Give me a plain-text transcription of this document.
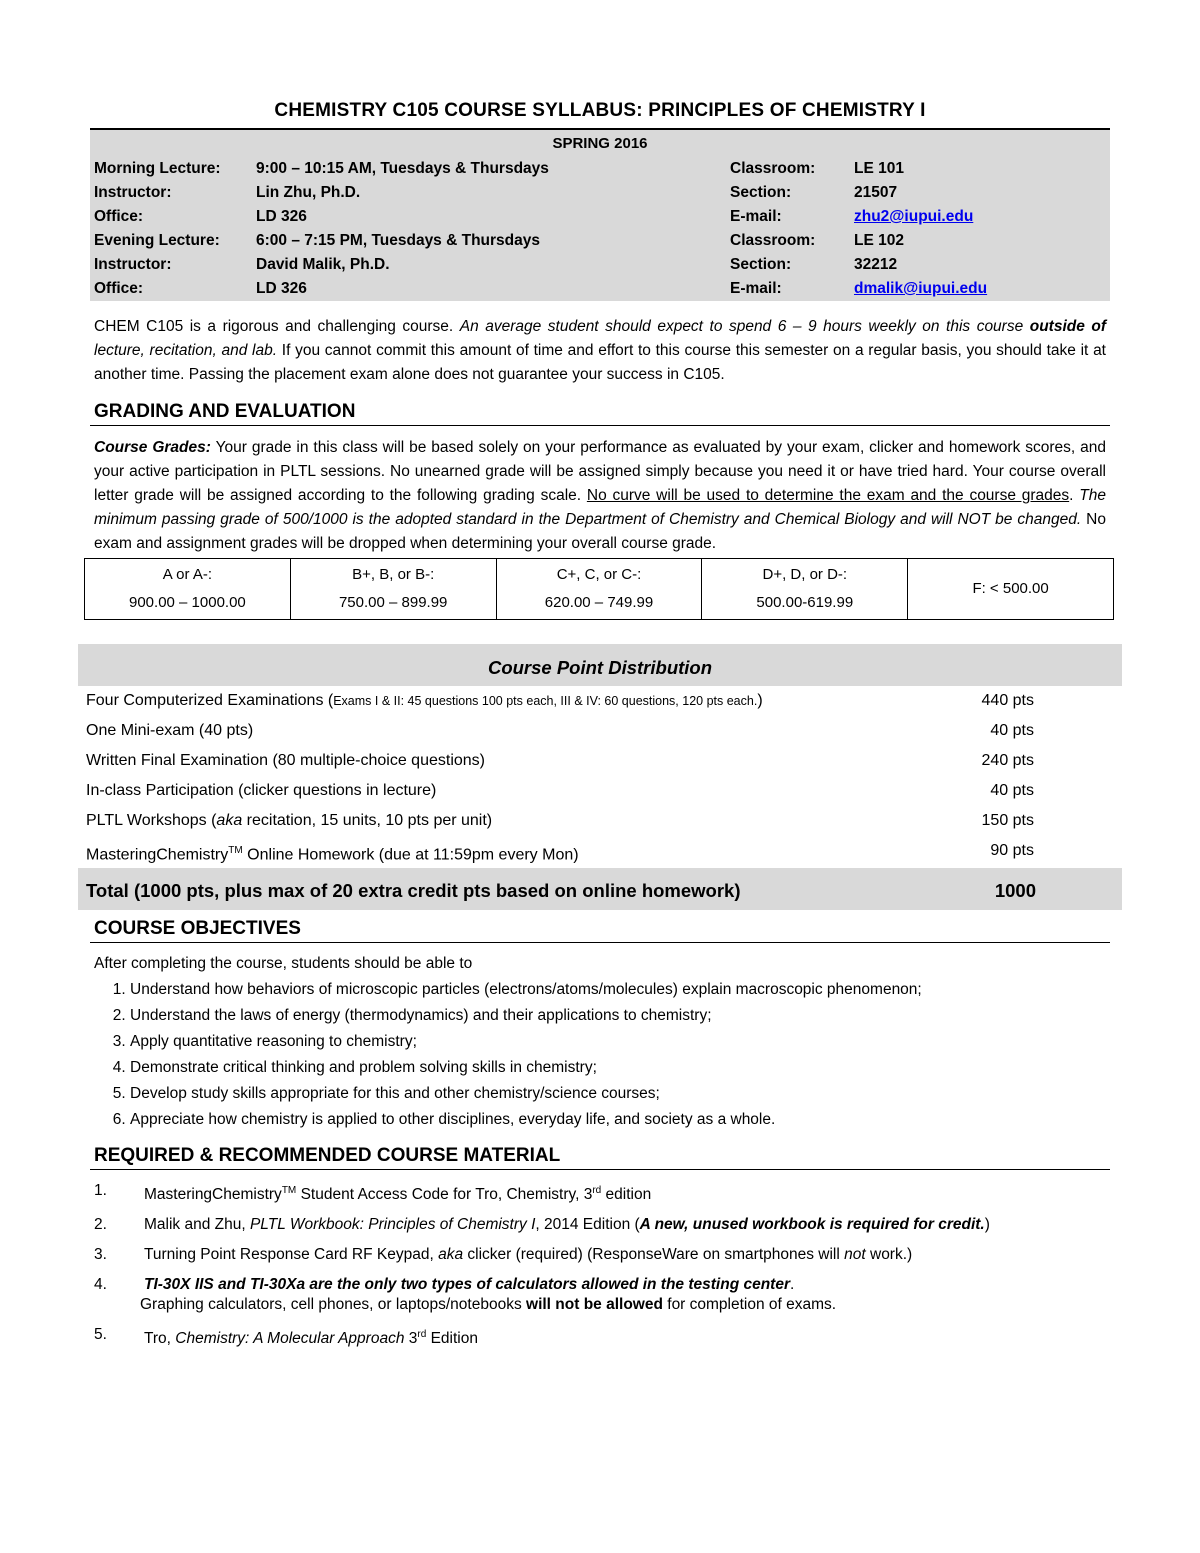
CHEMISTRY C105 COURSE SYLLABUS: PRINCIPLES OF CHEMISTRY I
SPRING 2016
Morning Lecture:	9:00 – 10:15 AM, Tuesdays & Thursdays	Classroom:	LE 101
Instructor:	Lin Zhu, Ph.D.	Section:	21507
Office:	LD 326	E-mail:	zhu2@iupui.edu
Evening Lecture:	6:00 – 7:15 PM, Tuesdays & Thursdays	Classroom:	LE 102
Instructor:	David Malik, Ph.D.	Section:	32212
Office:	LD 326	E-mail:	dmalik@iupui.edu

CHEM C105 is a rigorous and challenging course. An average student should expect to spend 6 – 9 hours weekly on this course outside of lecture, recitation, and lab. If you cannot commit this amount of time and effort to this course this semester on a regular basis, you should take it at another time. Passing the placement exam alone does not guarantee your success in C105.

GRADING AND EVALUATION

Course Grades: Your grade in this class will be based solely on your performance as evaluated by your exam, clicker and homework scores, and your active participation in PLTL sessions. No unearned grade will be assigned simply because you need it or have tried hard. Your course overall letter grade will be assigned according to the following grading scale. No curve will be used to determine the exam and the course grades. The minimum passing grade of 500/1000 is the adopted standard in the Department of Chemistry and Chemical Biology and will NOT be changed. No exam and assignment grades will be dropped when determining your overall course grade.

A or A-:
900.00 – 1000.00

B+, B, or B-:
750.00 – 899.99

C+, C, or C-:
620.00 – 749.99

D+, D, or D-:
500.00-619.99

F: < 500.00
Course Point Distribution
Four Computerized Examinations (Exams I & II: 45 questions 100 pts each, III & IV: 60 questions, 120 pts each.)	440 pts
One Mini-exam (40 pts)	40 pts
Written Final Examination (80 multiple-choice questions)	240 pts
In-class Participation (clicker questions in lecture)	40 pts
PLTL Workshops (aka recitation, 15 units, 10 pts per unit)	150 pts
MasteringChemistry™ Online Homework (due at 11:59pm every Mon)	90 pts
Total (1000 pts, plus max of 20 extra credit pts based on online homework)	1000
COURSE OBJECTIVES
After completing the course, students should be able to
1. Understand how behaviors of microscopic particles (electrons/atoms/molecules) explain macroscopic phenomenon;
2. Understand the laws of energy (thermodynamics) and their applications to chemistry;
3. Apply quantitative reasoning to chemistry;
4. Demonstrate critical thinking and problem solving skills in chemistry;
5. Develop study skills appropriate for this and other chemistry/science courses;
6. Appreciate how chemistry is applied to other disciplines, everyday life, and society as a whole.
REQUIRED & RECOMMENDED COURSE MATERIAL
1.	MasteringChemistry™ Student Access Code for Tro, Chemistry, 3rd edition
2.	Malik and Zhu, PLTL Workbook: Principles of Chemistry I, 2014 Edition (A new, unused workbook is required for credit.)
3.	Turning Point Response Card RF Keypad, aka clicker (required) (ResponseWare on smartphones will not work.)
4.	TI-30X IIS and TI-30Xa are the only two types of calculators allowed in the testing center.
Graphing calculators, cell phones, or laptops/notebooks will not be allowed for completion of exams.
5.	Tro, Chemistry: A Molecular Approach 3rd Edition
